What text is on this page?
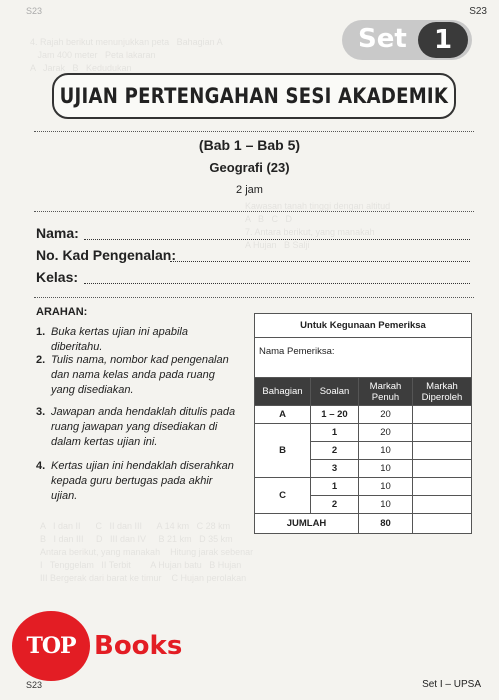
4. Rajah berikut menunjukkan peta   Bahagian A
Jam 400 meter   Peta lakaran
A   Jarak   B   Kedudukan

Kawasan tanah tinggi dengan altitud
A   B   C   D
7. Antara berikut, yang manakah
A Hujan   B Salji
A   I dan II      C   II dan III      A 14 km   C 28 km
B   I dan III     D   III dan IV     B 21 km   D 35 km
Antara berikut, yang manakah    Hitung jarak sebenar
I   Tenggelam   II Terbit        A Hujan batu   B Hujan
III Bergerak dari barat ke timur    C Hujan perolakan
S23	S23
Set	1
UJIAN PERTENGAHAN SESI AKADEMIK
(Bab 1 – Bab 5)
Geografi (23)
2 jam
Nama:
No. Kad Pengenalan:
Kelas:
ARAHAN:
1. Buka kertas ujian ini apabila diberitahu.
2. Tulis nama, nombor kad pengenalan dan nama kelas anda pada ruang yang disediakan.
3. Jawapan anda hendaklah ditulis pada ruang jawapan yang disediakan di dalam kertas ujian ini.
4. Kertas ujian ini hendaklah diserahkan kepada guru bertugas pada akhir ujian.
Untuk Kegunaan Pemeriksa			
Nama Pemeriksa:			
Bahagian	Soalan	Markah Penuh	Markah Diperoleh
A	1 – 20	20	
B	1	20	
	2	10	
	3	10	
C	1	10	
	2	10	
JUMLAH		80	
TOP Books
S23	Set I – UPSA
